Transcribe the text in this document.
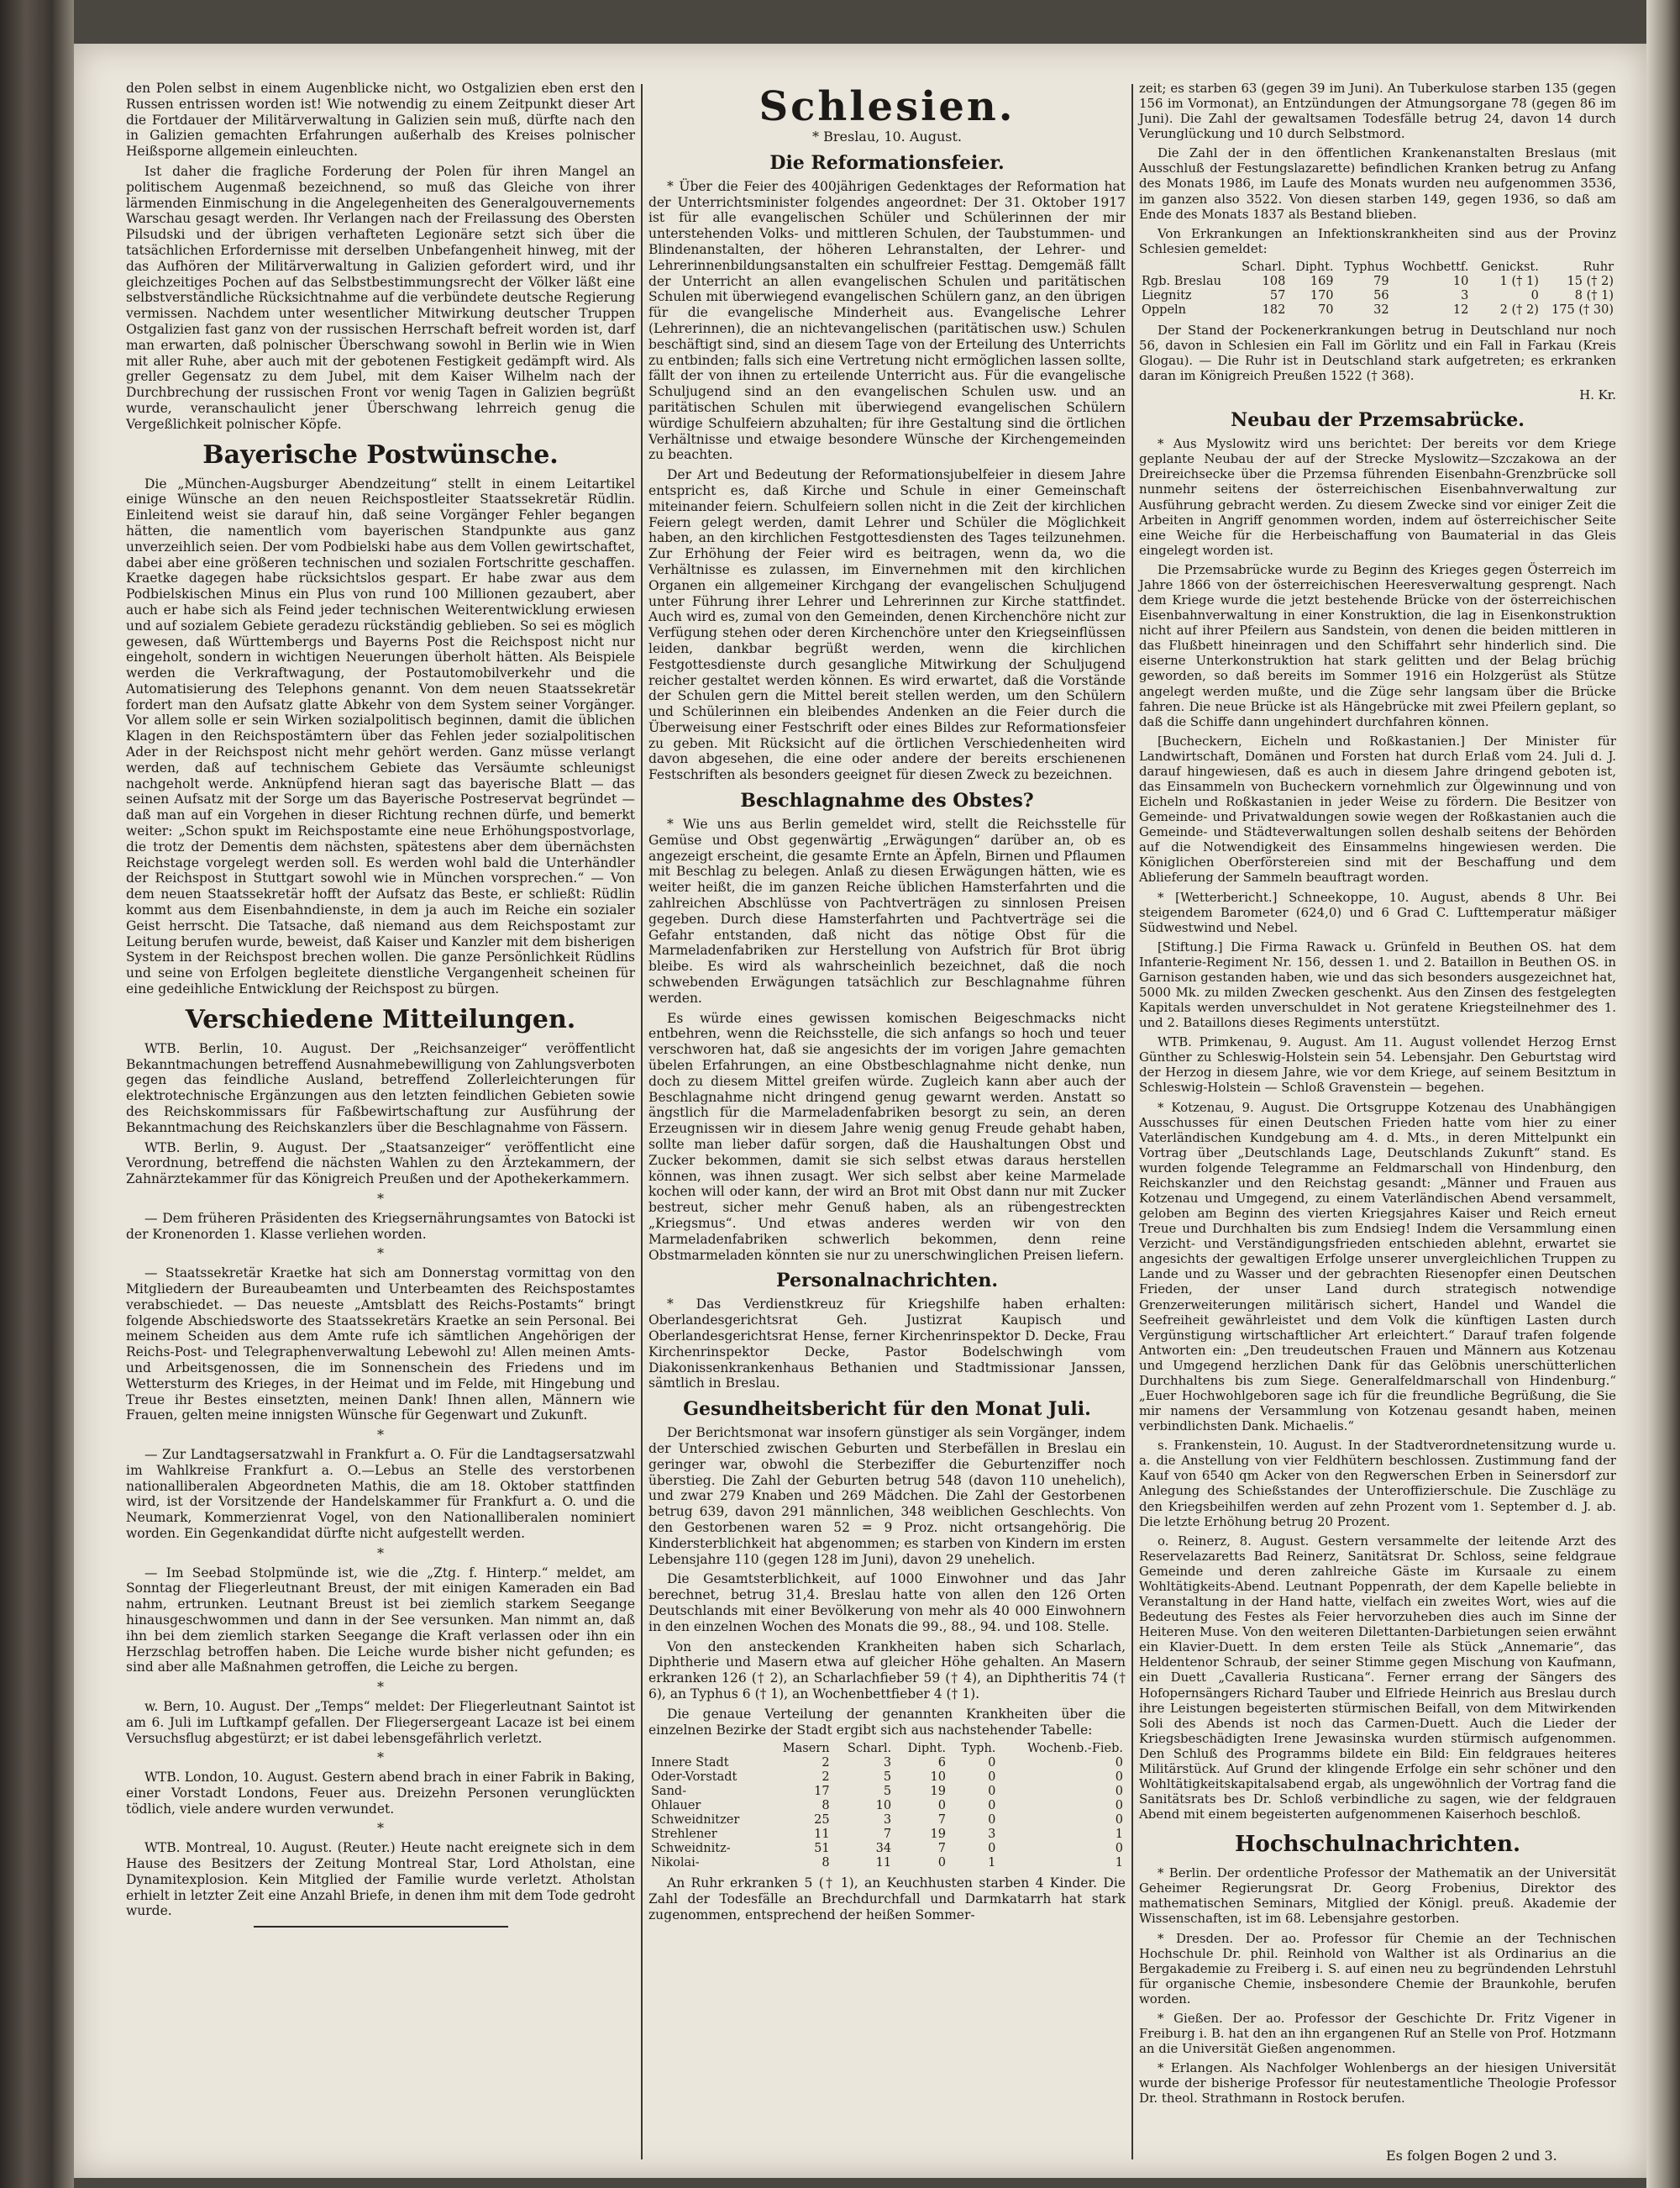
den Polen selbst in einem Augenblicke nicht, wo Ostgalizien eben erst den Russen entrissen worden ist! Wie notwendig zu einem Zeitpunkt dieser Art die Fortdauer der Militärverwaltung in Galizien sein muß, dürfte nach den in Galizien gemachten Erfahrungen außerhalb des Kreises polnischer Heißsporne allgemein einleuchten.

Ist daher die fragliche Forderung der Polen für ihren Mangel an politischem Augenmaß bezeichnend, so muß das Gleiche von ihrer lärmenden Einmischung in die Angelegenheiten des Generalgouvernements Warschau gesagt werden. Ihr Verlangen nach der Freilassung des Obersten Pilsudski und der übrigen verhafteten Legionäre setzt sich über die tatsächlichen Erfordernisse mit derselben Unbefangenheit hinweg, mit der das Aufhören der Militärverwaltung in Galizien gefordert wird, und ihr gleichzeitiges Pochen auf das Selbstbestimmungsrecht der Völker läßt eine selbstverständliche Rücksichtnahme auf die verbündete deutsche Regierung vermissen. Nachdem unter wesentlicher Mitwirkung deutscher Truppen Ostgalizien fast ganz von der russischen Herrschaft befreit worden ist, darf man erwarten, daß polnischer Überschwang sowohl in Berlin wie in Wien mit aller Ruhe, aber auch mit der gebotenen Festigkeit gedämpft wird. Als greller Gegensatz zu dem Jubel, mit dem Kaiser Wilhelm nach der Durchbrechung der russischen Front vor wenig Tagen in Galizien begrüßt wurde, veranschaulicht jener Überschwang lehrreich genug die Vergeßlichkeit polnischer Köpfe.

Bayerische Postwünsche.

Die „München-Augsburger Abendzeitung“ stellt in einem Leitartikel einige Wünsche an den neuen Reichspostleiter Staatssekretär Rüdlin. Einleitend weist sie darauf hin, daß seine Vorgänger Fehler begangen hätten, die namentlich vom bayerischen Standpunkte aus ganz unverzeihlich seien. Der vom Podbielski habe aus dem Vollen gewirtschaftet, dabei aber eine größeren technischen und sozialen Fortschritte geschaffen. Kraetke dagegen habe rücksichtslos gespart. Er habe zwar aus dem Podbielskischen Minus ein Plus von rund 100 Millionen gezaubert, aber auch er habe sich als Feind jeder technischen Weiterentwicklung erwiesen und auf sozialem Gebiete geradezu rückständig geblieben. So sei es möglich gewesen, daß Württembergs und Bayerns Post die Reichspost nicht nur eingeholt, sondern in wichtigen Neuerungen überholt hätten. Als Beispiele werden die Verkraftwagung, der Postautomobilverkehr und die Automatisierung des Telephons genannt. Von dem neuen Staatssekretär fordert man den Aufsatz glatte Abkehr von dem System seiner Vorgänger. Vor allem solle er sein Wirken sozialpolitisch beginnen, damit die üblichen Klagen in den Reichspostämtern über das Fehlen jeder sozialpolitischen Ader in der Reichspost nicht mehr gehört werden. Ganz müsse verlangt werden, daß auf technischem Gebiete das Versäumte schleunigst nachgeholt werde. Anknüpfend hieran sagt das bayerische Blatt — das seinen Aufsatz mit der Sorge um das Bayerische Postreservat begründet — daß man auf ein Vorgehen in dieser Richtung rechnen dürfe, und bemerkt weiter: „Schon spukt im Reichspostamte eine neue Erhöhungspostvorlage, die trotz der Dementis dem nächsten, spätestens aber dem übernächsten Reichstage vorgelegt werden soll. Es werden wohl bald die Unterhändler der Reichspost in Stuttgart sowohl wie in München vorsprechen.“ — Von dem neuen Staatssekretär hofft der Aufsatz das Beste, er schließt: Rüdlin kommt aus dem Eisenbahndienste, in dem ja auch im Reiche ein sozialer Geist herrscht. Die Tatsache, daß niemand aus dem Reichspostamt zur Leitung berufen wurde, beweist, daß Kaiser und Kanzler mit dem bisherigen System in der Reichspost brechen wollen. Die ganze Persönlichkeit Rüdlins und seine von Erfolgen begleitete dienstliche Vergangenheit scheinen für eine gedeihliche Entwicklung der Reichspost zu bürgen.

Verschiedene Mitteilungen.

WTB. Berlin, 10. August. Der „Reichsanzeiger“ veröffentlicht Bekanntmachungen betreffend Ausnahmebewilligung von Zahlungsverboten gegen das feindliche Ausland, betreffend Zollerleichterungen für elektrotechnische Ergänzungen aus den letzten feindlichen Gebieten sowie des Reichskommissars für Faßbewirtschaftung zur Ausführung der Bekanntmachung des Reichskanzlers über die Beschlagnahme von Fässern.

WTB. Berlin, 9. August. Der „Staatsanzeiger“ veröffentlicht eine Verordnung, betreffend die nächsten Wahlen zu den Ärztekammern, der Zahnärztekammer für das Königreich Preußen und der Apothekerkammern.

*

— Dem früheren Präsidenten des Kriegsernährungsamtes von Batocki ist der Kronenorden 1. Klasse verliehen worden.

*

— Staatssekretär Kraetke hat sich am Donnerstag vormittag von den Mitgliedern der Bureaubeamten und Unterbeamten des Reichspostamtes verabschiedet. — Das neueste „Amtsblatt des Reichs-Postamts“ bringt folgende Abschiedsworte des Staatssekretärs Kraetke an sein Personal. Bei meinem Scheiden aus dem Amte rufe ich sämtlichen Angehörigen der Reichs-Post- und Telegraphenverwaltung Lebewohl zu! Allen meinen Amts- und Arbeitsgenossen, die im Sonnenschein des Friedens und im Wettersturm des Krieges, in der Heimat und im Felde, mit Hingebung und Treue ihr Bestes einsetzten, meinen Dank! Ihnen allen, Männern wie Frauen, gelten meine innigsten Wünsche für Gegenwart und Zukunft.

*

— Zur Landtagsersatzwahl in Frankfurt a. O. Für die Landtagsersatzwahl im Wahlkreise Frankfurt a. O.—Lebus an Stelle des verstorbenen nationalliberalen Abgeordneten Mathis, die am 18. Oktober stattfinden wird, ist der Vorsitzende der Handelskammer für Frankfurt a. O. und die Neumark, Kommerzienrat Vogel, von den Nationalliberalen nominiert worden. Ein Gegenkandidat dürfte nicht aufgestellt werden.

*

— Im Seebad Stolpmünde ist, wie die „Ztg. f. Hinterp.“ meldet, am Sonntag der Fliegerleutnant Breust, der mit einigen Kameraden ein Bad nahm, ertrunken. Leutnant Breust ist bei ziemlich starkem Seegange hinausgeschwommen und dann in der See versunken. Man nimmt an, daß ihn bei dem ziemlich starken Seegange die Kraft verlassen oder ihn ein Herzschlag betroffen haben. Die Leiche wurde bisher nicht gefunden; es sind aber alle Maßnahmen getroffen, die Leiche zu bergen.

*

w. Bern, 10. August. Der „Temps“ meldet: Der Fliegerleutnant Saintot ist am 6. Juli im Luftkampf gefallen. Der Fliegersergeant Lacaze ist bei einem Versuchsflug abgestürzt; er ist dabei lebensgefährlich verletzt.

*

WTB. London, 10. August. Gestern abend brach in einer Fabrik in Baking, einer Vorstadt Londons, Feuer aus. Dreizehn Personen verunglückten tödlich, viele andere wurden verwundet.

*

WTB. Montreal, 10. August. (Reuter.) Heute nacht ereignete sich in dem Hause des Besitzers der Zeitung Montreal Star, Lord Atholstan, eine Dynamitexplosion. Kein Mitglied der Familie wurde verletzt. Atholstan erhielt in letzter Zeit eine Anzahl Briefe, in denen ihm mit dem Tode gedroht wurde.

Schlesien.
* Breslau, 10. August.
Die Reformationsfeier.

* Über die Feier des 400jährigen Gedenktages der Reformation hat der Unterrichtsminister folgendes angeordnet: Der 31. Oktober 1917 ist für alle evangelischen Schüler und Schülerinnen der mir unterstehenden Volks- und mittleren Schulen, der Taubstummen- und Blindenanstalten, der höheren Lehranstalten, der Lehrer- und Lehrerinnenbildungsanstalten ein schulfreier Festtag. Demgemäß fällt der Unterricht an allen evangelischen Schulen und paritätischen Schulen mit überwiegend evangelischen Schülern ganz, an den übrigen für die evangelische Minderheit aus. Evangelische Lehrer (Lehrerinnen), die an nichtevangelischen (paritätischen usw.) Schulen beschäftigt sind, sind an diesem Tage von der Erteilung des Unterrichts zu entbinden; falls sich eine Vertretung nicht ermöglichen lassen sollte, fällt der von ihnen zu erteilende Unterricht aus. Für die evangelische Schuljugend sind an den evangelischen Schulen usw. und an paritätischen Schulen mit überwiegend evangelischen Schülern würdige Schulfeiern abzuhalten; für ihre Gestaltung sind die örtlichen Verhältnisse und etwaige besondere Wünsche der Kirchengemeinden zu beachten.

Der Art und Bedeutung der Reformationsjubelfeier in diesem Jahre entspricht es, daß Kirche und Schule in einer Gemeinschaft miteinander feiern. Schulfeiern sollen nicht in die Zeit der kirchlichen Feiern gelegt werden, damit Lehrer und Schüler die Möglichkeit haben, an den kirchlichen Festgottesdiensten des Tages teilzunehmen. Zur Erhöhung der Feier wird es beitragen, wenn da, wo die Verhältnisse es zulassen, im Einvernehmen mit den kirchlichen Organen ein allgemeiner Kirchgang der evangelischen Schuljugend unter Führung ihrer Lehrer und Lehrerinnen zur Kirche stattfindet. Auch wird es, zumal von den Gemeinden, denen Kirchenchöre nicht zur Verfügung stehen oder deren Kirchenchöre unter den Kriegseinflüssen leiden, dankbar begrüßt werden, wenn die kirchlichen Festgottesdienste durch gesangliche Mitwirkung der Schuljugend reicher gestaltet werden können. Es wird erwartet, daß die Vorstände der Schulen gern die Mittel bereit stellen werden, um den Schülern und Schülerinnen ein bleibendes Andenken an die Feier durch die Überweisung einer Festschrift oder eines Bildes zur Reformationsfeier zu geben. Mit Rücksicht auf die örtlichen Verschiedenheiten wird davon abgesehen, die eine oder andere der bereits erschienenen Festschriften als besonders geeignet für diesen Zweck zu bezeichnen.

Beschlagnahme des Obstes?

* Wie uns aus Berlin gemeldet wird, stellt die Reichsstelle für Gemüse und Obst gegenwärtig „Erwägungen“ darüber an, ob es angezeigt erscheint, die gesamte Ernte an Äpfeln, Birnen und Pflaumen mit Beschlag zu belegen. Anlaß zu diesen Erwägungen hätten, wie es weiter heißt, die im ganzen Reiche üblichen Hamsterfahrten und die zahlreichen Abschlüsse von Pachtverträgen zu sinnlosen Preisen gegeben. Durch diese Hamsterfahrten und Pachtverträge sei die Gefahr entstanden, daß nicht das nötige Obst für die Marmeladenfabriken zur Herstellung von Aufstrich für Brot übrig bleibe. Es wird als wahrscheinlich bezeichnet, daß die noch schwebenden Erwägungen tatsächlich zur Beschlagnahme führen werden.

Es würde eines gewissen komischen Beigeschmacks nicht entbehren, wenn die Reichsstelle, die sich anfangs so hoch und teuer verschworen hat, daß sie angesichts der im vorigen Jahre gemachten übelen Erfahrungen, an eine Obstbeschlagnahme nicht denke, nun doch zu diesem Mittel greifen würde. Zugleich kann aber auch der Beschlagnahme nicht dringend genug gewarnt werden. Anstatt so ängstlich für die Marmeladenfabriken besorgt zu sein, an deren Erzeugnissen wir in diesem Jahre wenig genug Freude gehabt haben, sollte man lieber dafür sorgen, daß die Haushaltungen Obst und Zucker bekommen, damit sie sich selbst etwas daraus herstellen können, was ihnen zusagt. Wer sich selbst aber keine Marmelade kochen will oder kann, der wird an Brot mit Obst dann nur mit Zucker bestreut, sicher mehr Genuß haben, als an rübengestreckten „Kriegsmus“. Und etwas anderes werden wir von den Marmeladenfabriken schwerlich bekommen, denn reine Obstmarmeladen könnten sie nur zu unerschwinglichen Preisen liefern.

Personalnachrichten.

* Das Verdienstkreuz für Kriegshilfe haben erhalten: Oberlandesgerichtsrat Geh. Justizrat Kaupisch und Oberlandesgerichtsrat Hense, ferner Kirchenrinspektor D. Decke, Frau Kirchenrinspektor Decke, Pastor Bodelschwingh vom Diakonissenkrankenhaus Bethanien und Stadtmissionar Janssen, sämtlich in Breslau.

Gesundheitsbericht für den Monat Juli.

Der Berichtsmonat war insofern günstiger als sein Vorgänger, indem der Unterschied zwischen Geburten und Sterbefällen in Breslau ein geringer war, obwohl die Sterbeziffer die Geburtenziffer noch überstieg. Die Zahl der Geburten betrug 548 (davon 110 unehelich), und zwar 279 Knaben und 269 Mädchen. Die Zahl der Gestorbenen betrug 639, davon 291 männlichen, 348 weiblichen Geschlechts. Von den Gestorbenen waren 52 = 9 Proz. nicht ortsangehörig. Die Kindersterblichkeit hat abgenommen; es starben von Kindern im ersten Lebensjahre 110 (gegen 128 im Juni), davon 29 unehelich.

Die Gesamtsterblichkeit, auf 1000 Einwohner und das Jahr berechnet, betrug 31,4. Breslau hatte von allen den 126 Orten Deutschlands mit einer Bevölkerung von mehr als 40 000 Einwohnern in den einzelnen Wochen des Monats die 99., 88., 94. und 108. Stelle.

Von den ansteckenden Krankheiten haben sich Scharlach, Diphtherie und Masern etwa auf gleicher Höhe gehalten. An Masern erkranken 126 († 2), an Scharlachfieber 59 († 4), an Diphtheritis 74 († 6), an Typhus 6 († 1), an Wochenbettfieber 4 († 1).

Die genaue Verteilung der genannten Krankheiten über die einzelnen Bezirke der Stadt ergibt sich aus nachstehender Tabelle:

	Masern	Scharl.	Dipht.	Typh.	Wochenb.-Fieb.
Innere Stadt	2	3	6	0	0
Oder-Vorstadt	2	5	10	0	0
Sand-	17	5	19	0	0
Ohlauer	8	10	0	0	0
Schweidnitzer	25	3	7	0	0
Strehlener	11	7	19	3	1
Schweidnitz-	51	34	7	0	0
Nikolai-	8	11	0	1	1

An Ruhr erkranken 5 († 1), an Keuchhusten starben 4 Kinder. Die Zahl der Todesfälle an Brechdurchfall und Darmkatarrh hat stark zugenommen, entsprechend der heißen Sommer-

zeit; es starben 63 (gegen 39 im Juni). An Tuberkulose starben 135 (gegen 156 im Vormonat), an Entzündungen der Atmungsorgane 78 (gegen 86 im Juni). Die Zahl der gewaltsamen Todesfälle betrug 24, davon 14 durch Verunglückung und 10 durch Selbstmord.

Die Zahl der in den öffentlichen Krankenanstalten Breslaus (mit Ausschluß der Festungslazarette) befindlichen Kranken betrug zu Anfang des Monats 1986, im Laufe des Monats wurden neu aufgenommen 3536, im ganzen also 3522. Von diesen starben 149, gegen 1936, so daß am Ende des Monats 1837 als Bestand blieben.

Von Erkrankungen an Infektionskrankheiten sind aus der Provinz Schlesien gemeldet:

	Scharl.	Dipht.	Typhus	Wochbettf.	Genickst.	Ruhr
Rgb. Breslau	108	169	79	10	1 († 1)	15 († 2)
Liegnitz	57	170	56	3	0	8 († 1)
Oppeln	182	70	32	12	2 († 2)	175 († 30)

Der Stand der Pockenerkrankungen betrug in Deutschland nur noch 56, davon in Schlesien ein Fall im Görlitz und ein Fall in Farkau (Kreis Glogau). — Die Ruhr ist in Deutschland stark aufgetreten; es erkranken daran im Königreich Preußen 1522 († 368).

H. Kr.
Neubau der Przemsabrücke.

* Aus Myslowitz wird uns berichtet: Der bereits vor dem Kriege geplante Neubau der auf der Strecke Myslowitz—Szczakowa an der Dreireichsecke über die Przemsa führenden Eisenbahn-Grenzbrücke soll nunmehr seitens der österreichischen Eisenbahnverwaltung zur Ausführung gebracht werden. Zu diesem Zwecke sind vor einiger Zeit die Arbeiten in Angriff genommen worden, indem auf österreichischer Seite eine Weiche für die Herbeischaffung von Baumaterial in das Gleis eingelegt worden ist.

Die Przemsabrücke wurde zu Beginn des Krieges gegen Österreich im Jahre 1866 von der österreichischen Heeresverwaltung gesprengt. Nach dem Kriege wurde die jetzt bestehende Brücke von der österreichischen Eisenbahnverwaltung in einer Konstruktion, die lag in Eisenkonstruktion nicht auf ihrer Pfeilern aus Sandstein, von denen die beiden mittleren in das Flußbett hineinragen und den Schiffahrt sehr hinderlich sind. Die eiserne Unterkonstruktion hat stark gelitten und der Belag brüchig geworden, so daß bereits im Sommer 1916 ein Holzgerüst als Stütze angelegt werden mußte, und die Züge sehr langsam über die Brücke fahren. Die neue Brücke ist als Hängebrücke mit zwei Pfeilern geplant, so daß die Schiffe dann ungehindert durchfahren können.

[Bucheckern, Eicheln und Roßkastanien.] Der Minister für Landwirtschaft, Domänen und Forsten hat durch Erlaß vom 24. Juli d. J. darauf hingewiesen, daß es auch in diesem Jahre dringend geboten ist, das Einsammeln von Bucheckern vornehmlich zur Ölgewinnung und von Eicheln und Roßkastanien in jeder Weise zu fördern. Die Besitzer von Gemeinde- und Privatwaldungen sowie wegen der Roßkastanien auch die Gemeinde- und Städteverwaltungen sollen deshalb seitens der Behörden auf die Notwendigkeit des Einsammelns hingewiesen werden. Die Königlichen Oberförstereien sind mit der Beschaffung und dem Ablieferung der Sammeln beauftragt worden.

* [Wetterbericht.] Schneekoppe, 10. August, abends 8 Uhr. Bei steigendem Barometer (624,0) und 6 Grad C. Lufttemperatur mäßiger Südwestwind und Nebel.

[Stiftung.] Die Firma Rawack u. Grünfeld in Beuthen OS. hat dem Infanterie-Regiment Nr. 156, dessen 1. und 2. Bataillon in Beuthen OS. in Garnison gestanden haben, wie und das sich besonders ausgezeichnet hat, 5000 Mk. zu milden Zwecken geschenkt. Aus den Zinsen des festgelegten Kapitals werden unverschuldet in Not geratene Kriegsteilnehmer des 1. und 2. Bataillons dieses Regiments unterstützt.

WTB. Primkenau, 9. August. Am 11. August vollendet Herzog Ernst Günther zu Schleswig-Holstein sein 54. Lebensjahr. Den Geburtstag wird der Herzog in diesem Jahre, wie vor dem Kriege, auf seinem Besitztum in Schleswig-Holstein — Schloß Gravenstein — begehen.

* Kotzenau, 9. August. Die Ortsgruppe Kotzenau des Unabhängigen Ausschusses für einen Deutschen Frieden hatte vom hier zu einer Vaterländischen Kundgebung am 4. d. Mts., in deren Mittelpunkt ein Vortrag über „Deutschlands Lage, Deutschlands Zukunft“ stand. Es wurden folgende Telegramme an Feldmarschall von Hindenburg, den Reichskanzler und den Reichstag gesandt: „Männer und Frauen aus Kotzenau und Umgegend, zu einem Vaterländischen Abend versammelt, geloben am Beginn des vierten Kriegsjahres Kaiser und Reich erneut Treue und Durchhalten bis zum Endsieg! Indem die Versammlung einen Verzicht- und Verständigungsfrieden entschieden ablehnt, erwartet sie angesichts der gewaltigen Erfolge unserer unvergleichlichen Truppen zu Lande und zu Wasser und der gebrachten Riesenopfer einen Deutschen Frieden, der unser Land durch strategisch notwendige Grenzerweiterungen militärisch sichert, Handel und Wandel die Seefreiheit gewährleistet und dem Volk die künftigen Lasten durch Vergünstigung wirtschaftlicher Art erleichtert.“ Darauf trafen folgende Antworten ein: „Den treudeutschen Frauen und Männern aus Kotzenau und Umgegend herzlichen Dank für das Gelöbnis unerschütterlichen Durchhaltens bis zum Siege. Generalfeldmarschall von Hindenburg.“ „Euer Hochwohlgeboren sage ich für die freundliche Begrüßung, die Sie mir namens der Versammlung von Kotzenau gesandt haben, meinen verbindlichsten Dank. Michaelis.“

s. Frankenstein, 10. August. In der Stadtverordnetensitzung wurde u. a. die Anstellung von vier Feldhütern beschlossen. Zustimmung fand der Kauf von 6540 qm Acker von den Regwerschen Erben in Seinersdorf zur Anlegung des Schießstandes der Unteroffizierschule. Die Zuschläge zu den Kriegsbeihilfen werden auf zehn Prozent vom 1. September d. J. ab. Die letzte Erhöhung betrug 20 Prozent.

o. Reinerz, 8. August. Gestern versammelte der leitende Arzt des Reservelazaretts Bad Reinerz, Sanitätsrat Dr. Schloss, seine feldgraue Gemeinde und deren zahlreiche Gäste im Kursaale zu einem Wohltätigkeits-Abend. Leutnant Poppenrath, der dem Kapelle beliebte in Veranstaltung in der Hand hatte, vielfach ein zweites Wort, wies auf die Bedeutung des Festes als Feier hervorzuheben dies auch im Sinne der Heiteren Muse. Von den weiteren Dilettanten-Darbietungen seien erwähnt ein Klavier-Duett. In dem ersten Teile als Stück „Annemarie“, das Heldentenor Schraub, der seiner Stimme gegen Mischung von Kaufmann, ein Duett „Cavalleria Rusticana“. Ferner errang der Sängers des Hofopernsängers Richard Tauber und Elfriede Heinrich aus Breslau durch ihre Leistungen begeisterten stürmischen Beifall, von dem Mitwirkenden Soli des Abends ist noch das Carmen-Duett. Auch die Lieder der Kriegsbeschädigten Irene Jewasinska wurden stürmisch aufgenommen. Den Schluß des Programms bildete ein Bild: Ein feldgraues heiteres Militärstück. Auf Grund der klingende Erfolge ein sehr schöner und den Wohltätigkeitskapitalsabend ergab, als ungewöhnlich der Vortrag fand die Sanitätsrats bes Dr. Schloß verbindliche zu sagen, wie der feldgrauen Abend mit einem begeisterten aufgenommenen Kaiserhoch beschloß.

Hochschulnachrichten.

* Berlin. Der ordentliche Professor der Mathematik an der Universität Geheimer Regierungsrat Dr. Georg Frobenius, Direktor des mathematischen Seminars, Mitglied der Königl. preuß. Akademie der Wissenschaften, ist im 68. Lebensjahre gestorben.

* Dresden. Der ao. Professor für Chemie an der Technischen Hochschule Dr. phil. Reinhold von Walther ist als Ordinarius an die Bergakademie zu Freiberg i. S. auf einen neu zu begründenden Lehrstuhl für organische Chemie, insbesondere Chemie der Braunkohle, berufen worden.

* Gießen. Der ao. Professor der Geschichte Dr. Fritz Vigener in Freiburg i. B. hat den an ihn ergangenen Ruf an Stelle von Prof. Hotzmann an die Universität Gießen angenommen.

* Erlangen. Als Nachfolger Wohlenbergs an der hiesigen Universität wurde der bisherige Professor für neutestamentliche Theologie Professor Dr. theol. Strathmann in Rostock berufen.

Es folgen Bogen 2 und 3.
